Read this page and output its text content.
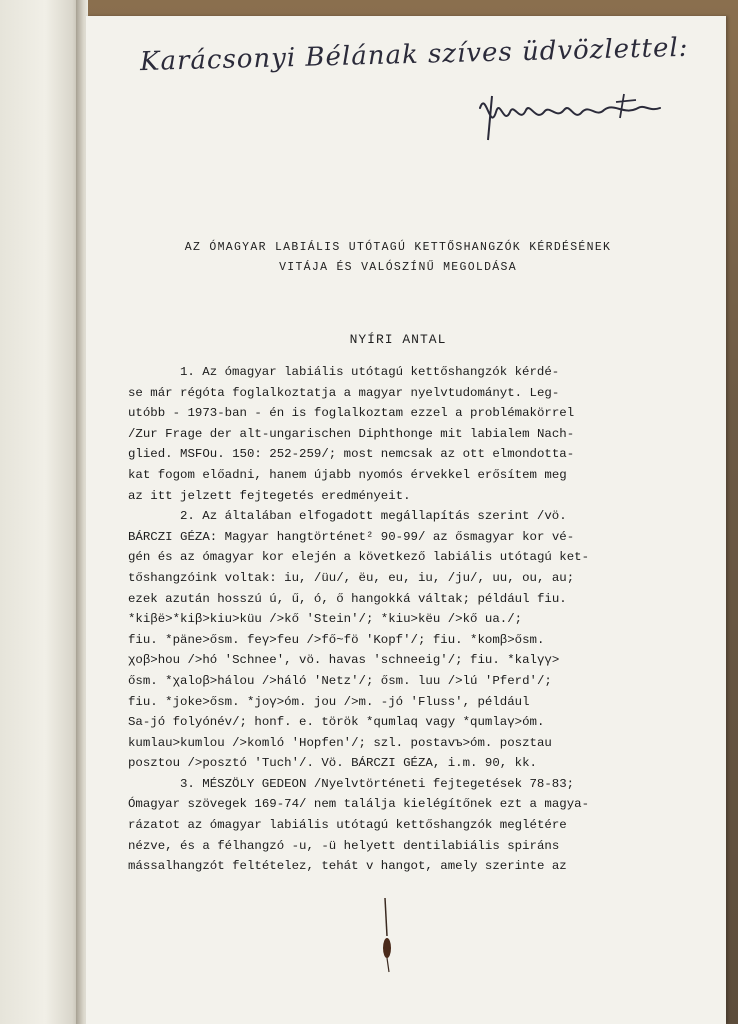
Karácsonyi Bélának szíves üdvözlettel:
AZ ÓMAGYAR LABIÁLIS UTÓTAGÚ KETTŐSHANGZÓK KÉRDÉSÉNEK
VITÁJA ÉS VALÓSZÍNŰ MEGOLDÁSA
NYÍRI ANTAL
1. Az ómagyar labiális utótagú kettőshangzók kérdé-
se már régóta foglalkoztatja a magyar nyelvtudományt. Leg-
utóbb - 1973-ban - én is foglalkoztam ezzel a problémakörrel
/Zur Frage der alt-ungarischen Diphthonge mit labialem Nach-
glied. MSFOu. 150: 252-259/; most nemcsak az ott elmondotta-
kat fogom előadni, hanem újabb nyomós érvekkel erősítem meg
az itt jelzett fejtegetés eredményeit.
2. Az általában elfogadott megállapítás szerint /vö.
BÁRCZI GÉZA: Magyar hangtörténet² 90-99/ az ősmagyar kor vé-
gén és az ómagyar kor elején a következő labiális utótagú ket-
tőshangzóink voltak: iu, /üu/, ëu, eu, iu, /ju/, uu, ou, au;
ezek azután hosszú ú, ű, ó, ő hangokká váltak; például fiu.
*kiβë>*kiβ>kiu>küu />kő 'Stein'/; *kiu>këu />kő ua./;
fiu. *päne>ősm. feγ>feu />fő~fö 'Kopf'/; fiu. *komβ>ősm.
χoβ>hou />hó 'Schnee', vö. havas 'schneeig'/; fiu. *kalγγ>
ősm. *χaloβ>hálou />háló 'Netz'/; ősm. luu />lú 'Pferd'/;
fiu. *joke>ősm. *joγ>óm. jou />m. -jó 'Fluss', például
Sa-jó folyónév/; honf. e. török *qumlaq vagy *qumlaγ>óm.
kumlau>kumlou />komló 'Hopfen'/; szl. postavъ>óm. posztau
posztou />posztó 'Tuch'/. Vö. BÁRCZI GÉZA, i.m. 90, kk.
3. MÉSZÖLY GEDEON /Nyelvtörténeti fejtegetések 78-83;
Ómagyar szövegek 169-74/ nem találja kielégítőnek ezt a magya-
rázatot az ómagyar labiális utótagú kettőshangzók meglétére
nézve, és a félhangzó -u, -ü helyett dentilabiális spiráns
mássalhangzót feltételez, tehát v hangot, amely szerinte az
